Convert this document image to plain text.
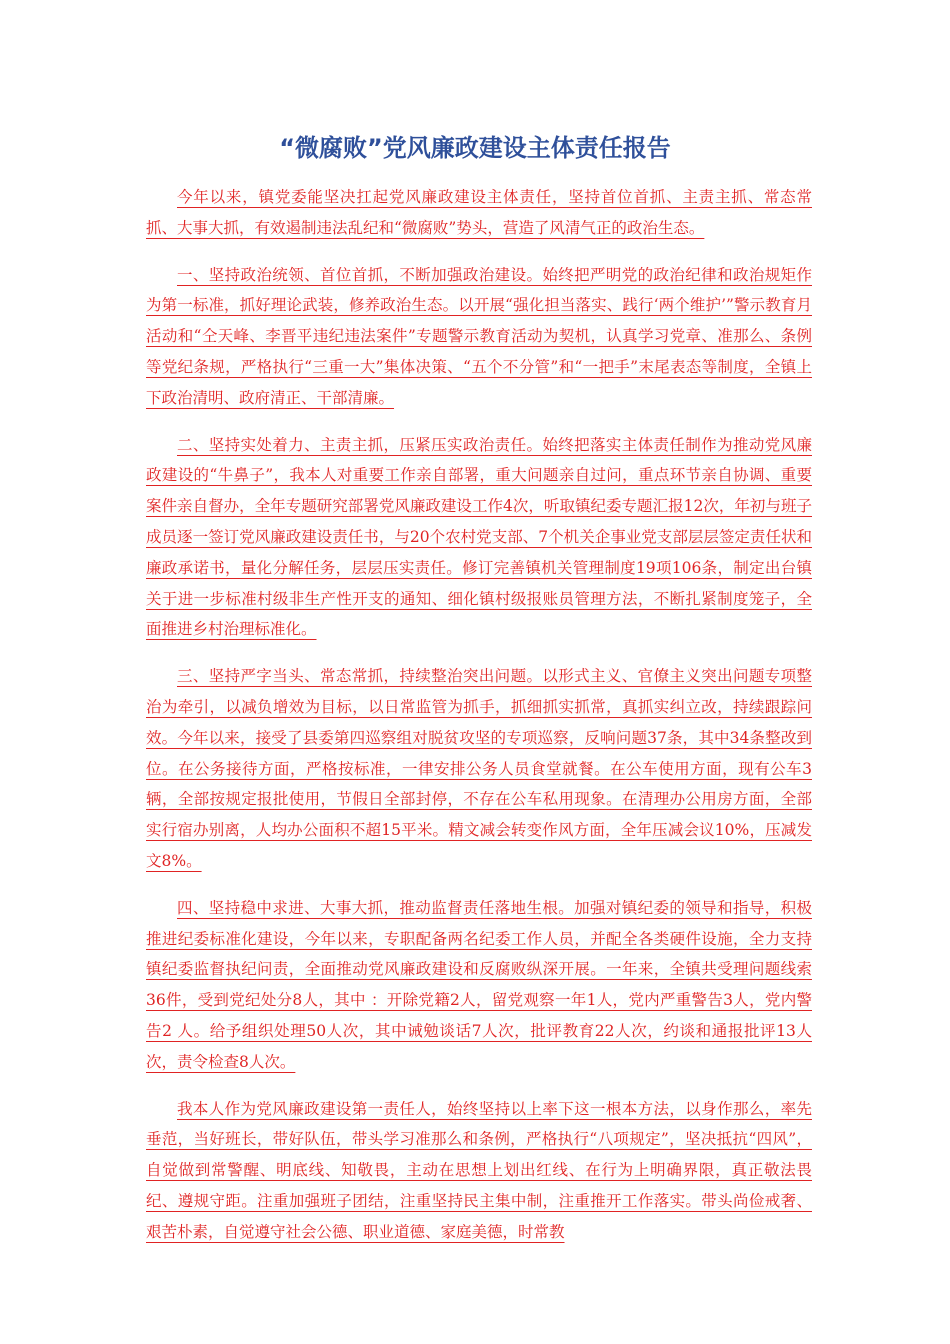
“微腐败”党风廉政建设主体责任报告

今年以来，镇党委能坚决扛起党风廉政建设主体责任，坚持首位首抓、主责主抓、常态常抓、大事大抓，有效遏制违法乱纪和“微腐败”势头，营造了风清气正的政治生态。

一、坚持政治统领、首位首抓，不断加强政治建设。始终把严明党的政治纪律和政治规矩作为第一标准，抓好理论武装，修养政治生态。以开展“强化担当落实、践行‘两个维护’”警示教育月活动和“仝天峰、李晋平违纪违法案件”专题警示教育活动为契机，认真学习党章、准那么、条例等党纪条规，严格执行“三重一大”集体决策、“五个不分管”和“一把手”末尾表态等制度，全镇上下政治清明、政府清正、干部清廉。

二、坚持实处着力、主责主抓，压紧压实政治责任。始终把落实主体责任制作为推动党风廉政建设的“牛鼻子”，我本人对重要工作亲自部署，重大问题亲自过问，重点环节亲自协调、重要案件亲自督办，全年专题研究部署党风廉政建设工作4次，听取镇纪委专题汇报12次，年初与班子成员逐一签订党风廉政建设责任书，与20个农村党支部、7个机关企事业党支部层层签定责任状和廉政承诺书，量化分解任务，层层压实责任。修订完善镇机关管理制度19项106条，制定出台镇关于进一步标准村级非生产性开支的通知、细化镇村级报账员管理方法，不断扎紧制度笼子，全面推进乡村治理标准化。

三、坚持严字当头、常态常抓，持续整治突出问题。以形式主义、官僚主义突出问题专项整治为牵引，以减负增效为目标，以日常监管为抓手，抓细抓实抓常，真抓实纠立改，持续跟踪问效。今年以来，接受了县委第四巡察组对脱贫攻坚的专项巡察，反响问题37条，其中34条整改到位。在公务接待方面，严格按标准，一律安排公务人员食堂就餐。在公车使用方面，现有公车3辆，全部按规定报批使用，节假日全部封停，不存在公车私用现象。在清理办公用房方面，全部实行宿办别离，人均办公面积不超15平米。精文减会转变作风方面，全年压减会议10%，压减发文8%。

四、坚持稳中求进、大事大抓，推动监督责任落地生根。加强对镇纪委的领导和指导，积极推进纪委标准化建设，今年以来，专职配备两名纪委工作人员，并配全各类硬件设施，全力支持镇纪委监督执纪问责，全面推动党风廉政建设和反腐败纵深开展。一年来，全镇共受理问题线索36件，受到党纪处分8人，其中 ：开除党籍2人，留党观察一年1人，党内严重警告3人，党内警告2 人。给予组织处理50人次，其中诫勉谈话7人次，批评教育22人次，约谈和通报批评13人次，责令检查8人次。

我本人作为党风廉政建设第一责任人，始终坚持以上率下这一根本方法，以身作那么，率先垂范，当好班长，带好队伍，带头学习准那么和条例，严格执行“八项规定”，坚决抵抗“四风”，自觉做到常警醒、明底线、知敬畏，主动在思想上划出红线、在行为上明确界限，真正敬法畏纪、遵规守距。注重加强班子团结，注重坚持民主集中制，注重推开工作落实。带头尚俭戒奢、艰苦朴素，自觉遵守社会公德、职业道德、家庭美德，时常教
